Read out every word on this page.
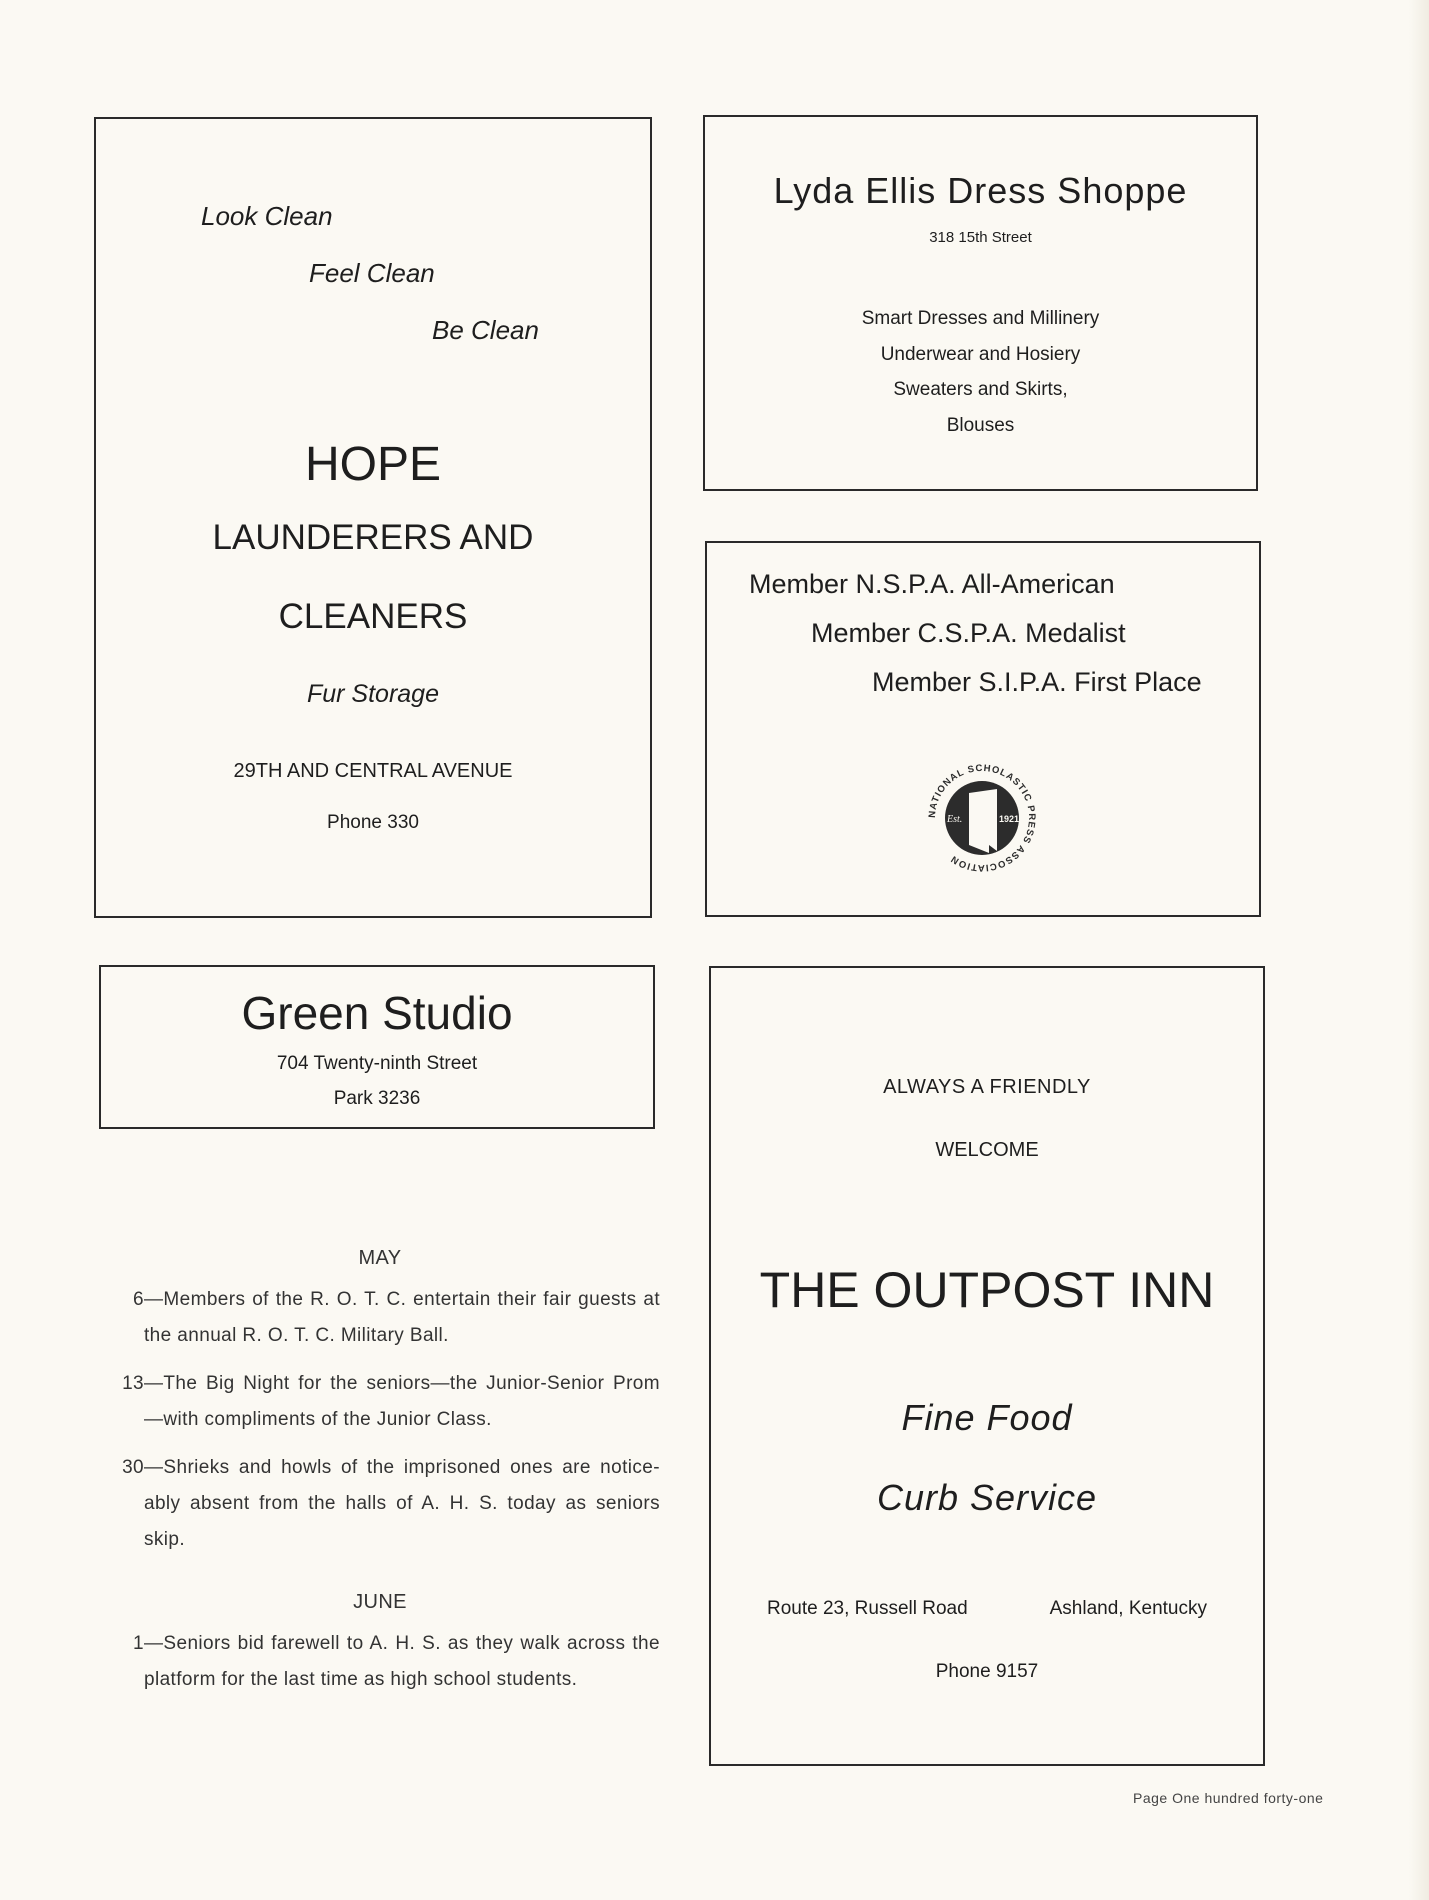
Look Clean
Feel Clean
Be Clean
HOPE
LAUNDERERS AND
CLEANERS
Fur Storage
29TH AND CENTRAL AVENUE
Phone 330
Lyda Ellis Dress Shoppe
318 15th Street
Smart Dresses and Millinery
Underwear and Hosiery
Sweaters and Skirts,
Blouses
Member N.S.P.A. All-American
Member C.S.P.A. Medalist
Member S.I.P.A. First Place
Est.	1921
NATIONAL SCHOLASTIC PRESS ASSOCIATION
Green Studio
704 Twenty-ninth Street
Park 3236
MAY
6—Members of the R. O. T. C. entertain their fair guests at the annual R. O. T. C. Military Ball.
13—The Big Night for the seniors—the Junior-Senior Prom —with compliments of the Junior Class.
30—Shrieks and howls of the imprisoned ones are notice- ably absent from the halls of A. H. S. today as seniors skip.
JUNE
1—Seniors bid farewell to A. H. S. as they walk across the platform for the last time as high school students.
ALWAYS A FRIENDLY
WELCOME
THE OUTPOST INN
Fine Food
Curb Service
Route 23, Russell Road	Ashland, Kentucky
Phone 9157
Page One hundred forty-one
